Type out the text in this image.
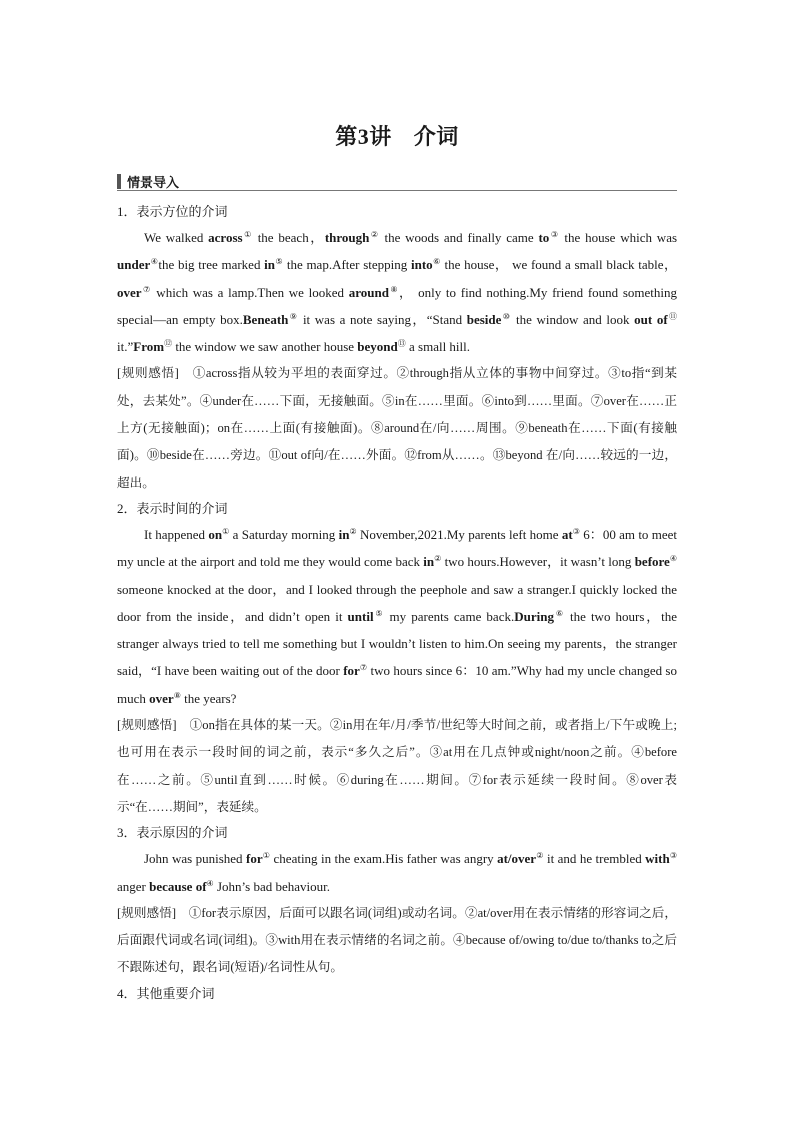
第3讲 介词
情景导入

1．表示方位的介词

We walked across① the beach，through② the woods and finally came to③ the house which was under④the big tree marked in⑤ the map.After stepping into⑥ the house， we found a small black table，over⑦ which was a lamp.Then we looked around⑧， only to find nothing.My friend found something special—an empty box.Beneath⑨ it was a note saying，“Stand beside⑩ the window and look out of⑪ it.”From⑫ the window we saw another house beyond⑬ a small hill.

[规则感悟]　①across指从较为平坦的表面穿过。②through指从立体的事物中间穿过。③to指“到某处，去某处”。④under在……下面，无接触面。⑤in在……里面。⑥into到……里面。⑦over在……正上方(无接触面)；on在……上面(有接触面)。⑧around在/向……周围。⑨beneath在……下面(有接触面)。⑩beside在……旁边。⑪out of向/在……外面。⑫from从……。⑬beyond 在/向……较远的一边，超出。

2．表示时间的介词

It happened on① a Saturday morning in② November,2021.My parents left home at③ 6：00 am to meet my uncle at the airport and told me they would come back in② two hours.However，it wasn’t long before④ someone knocked at the door，and I looked through the peephole and saw a stranger.I quickly locked the door from the inside，and didn’t open it until⑤ my parents came back.During⑥ the two hours，the stranger always tried to tell me something but I wouldn’t listen to him.On seeing my parents，the stranger said，“I have been waiting out of the door for⑦ two hours since 6：10 am.”Why had my uncle changed so much over⑧ the years?

[规则感悟]　①on指在具体的某一天。②in用在年/月/季节/世纪等大时间之前，或者指上/下午或晚上;也可用在表示一段时间的词之前，表示“多久之后”。③at用在几点钟或night/noon之前。④before在……之前。⑤until直到……时候。⑥during在……期间。⑦for表示延续一段时间。⑧over表示“在……期间”，表延续。

3．表示原因的介词

John was punished for① cheating in the exam.His father was angry at/over② it and he trembled with③ anger because of④ John’s bad behaviour.

[规则感悟]　①for表示原因，后面可以跟名词(词组)或动名词。②at/over用在表示情绪的形容词之后，后面跟代词或名词(词组)。③with用在表示情绪的名词之前。④because of/owing to/due to/thanks to之后不跟陈述句，跟名词(短语)/名词性从句。

4．其他重要介词
